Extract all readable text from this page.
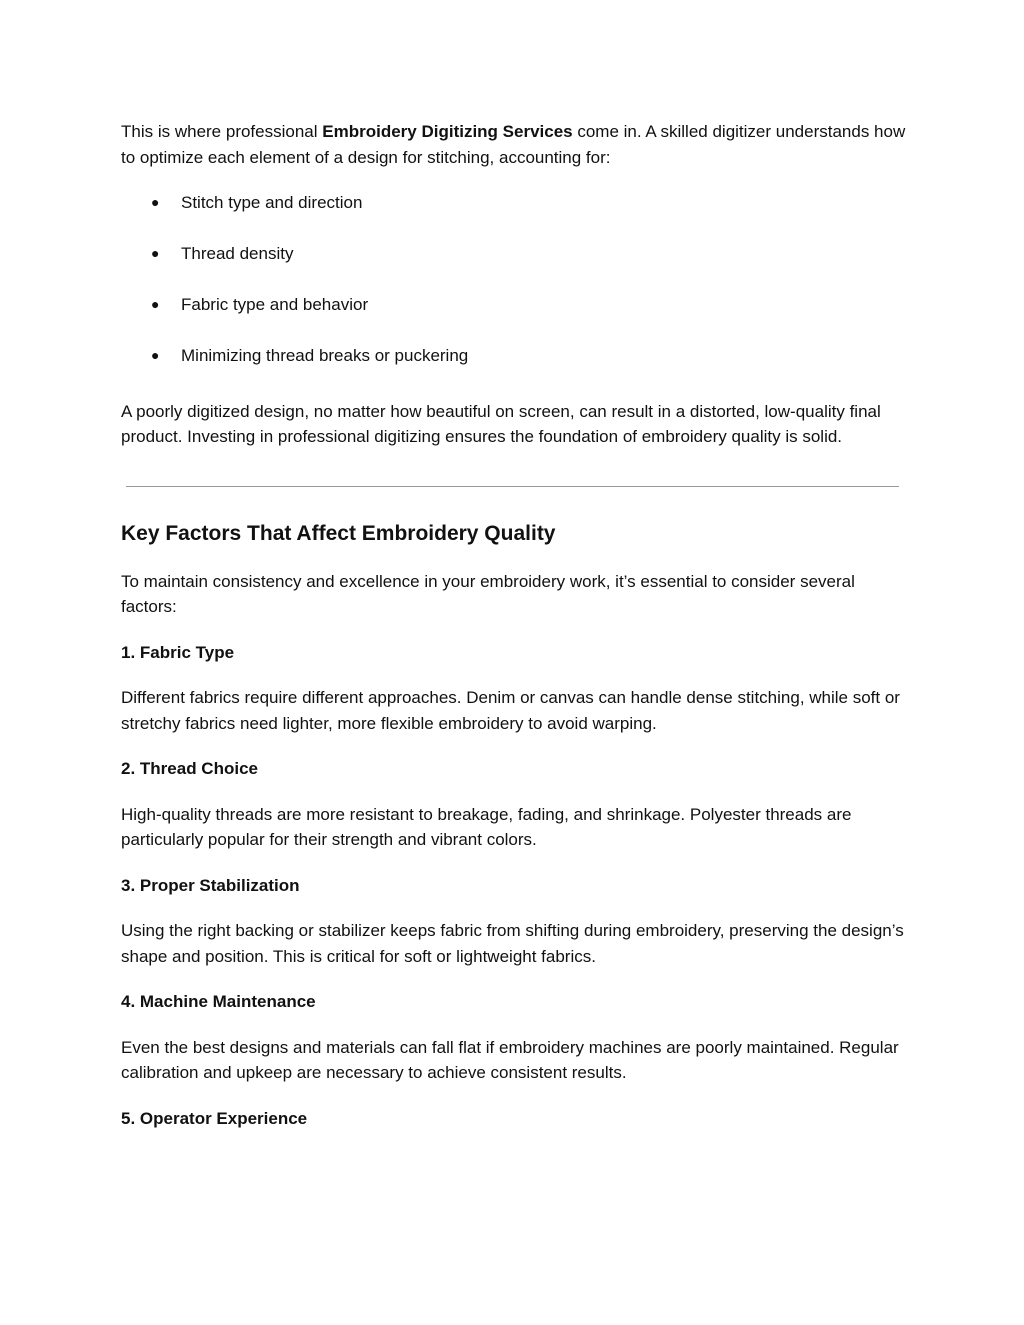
This is where professional Embroidery Digitizing Services come in. A skilled digitizer understands how to optimize each element of a design for stitching, accounting for:

● Stitch type and direction
● Thread density
● Fabric type and behavior
● Minimizing thread breaks or puckering

A poorly digitized design, no matter how beautiful on screen, can result in a distorted, low-quality final product. Investing in professional digitizing ensures the foundation of embroidery quality is solid.

Key Factors That Affect Embroidery Quality

To maintain consistency and excellence in your embroidery work, it’s essential to consider several factors:

1. Fabric Type

Different fabrics require different approaches. Denim or canvas can handle dense stitching, while soft or stretchy fabrics need lighter, more flexible embroidery to avoid warping.

2. Thread Choice

High-quality threads are more resistant to breakage, fading, and shrinkage. Polyester threads are particularly popular for their strength and vibrant colors.

3. Proper Stabilization

Using the right backing or stabilizer keeps fabric from shifting during embroidery, preserving the design’s shape and position. This is critical for soft or lightweight fabrics.

4. Machine Maintenance

Even the best designs and materials can fall flat if embroidery machines are poorly maintained. Regular calibration and upkeep are necessary to achieve consistent results.

5. Operator Experience
